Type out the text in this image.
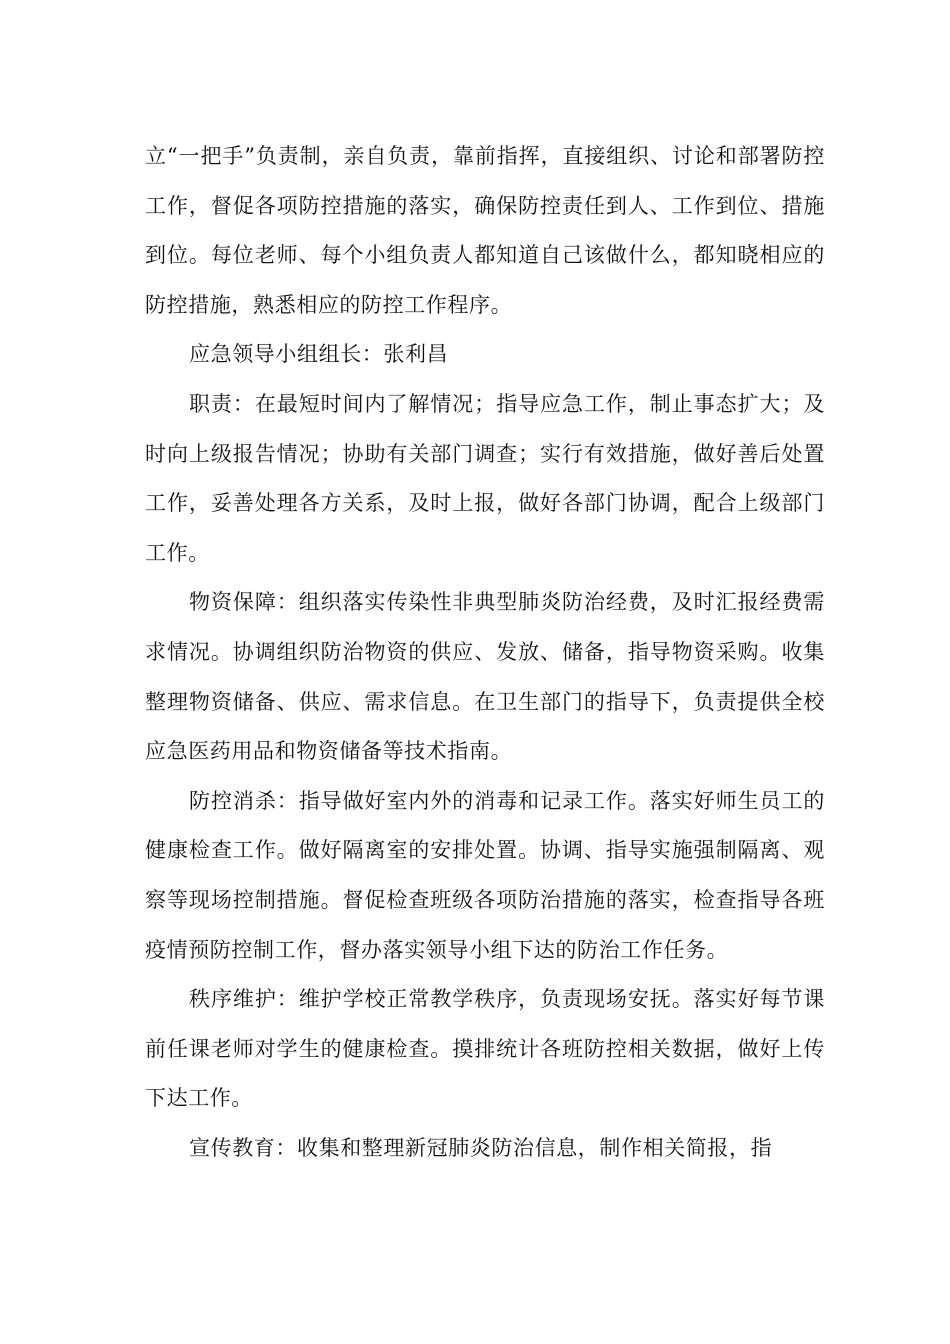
立“一把手”负责制，亲自负责，靠前指挥，直接组织、讨论和部署防控工作，督促各项防控措施的落实，确保防控责任到人、工作到位、措施到位。每位老师、每个小组负责人都知道自己该做什么，都知晓相应的防控措施，熟悉相应的防控工作程序。

应急领导小组组长：张利昌

职责：在最短时间内了解情况；指导应急工作，制止事态扩大；及时向上级报告情况；协助有关部门调查；实行有效措施，做好善后处置工作，妥善处理各方关系，及时上报，做好各部门协调，配合上级部门工作。

物资保障：组织落实传染性非典型肺炎防治经费，及时汇报经费需求情况。协调组织防治物资的供应、发放、储备，指导物资采购。收集整理物资储备、供应、需求信息。在卫生部门的指导下，负责提供全校应急医药用品和物资储备等技术指南。

防控消杀：指导做好室内外的消毒和记录工作。落实好师生员工的健康检查工作。做好隔离室的安排处置。协调、指导实施强制隔离、观察等现场控制措施。督促检查班级各项防治措施的落实，检查指导各班疫情预防控制工作，督办落实领导小组下达的防治工作任务。

秩序维护：维护学校正常教学秩序，负责现场安抚。落实好每节课前任课老师对学生的健康检查。摸排统计各班防控相关数据，做好上传下达工作。

宣传教育：收集和整理新冠肺炎防治信息，制作相关简报，指
